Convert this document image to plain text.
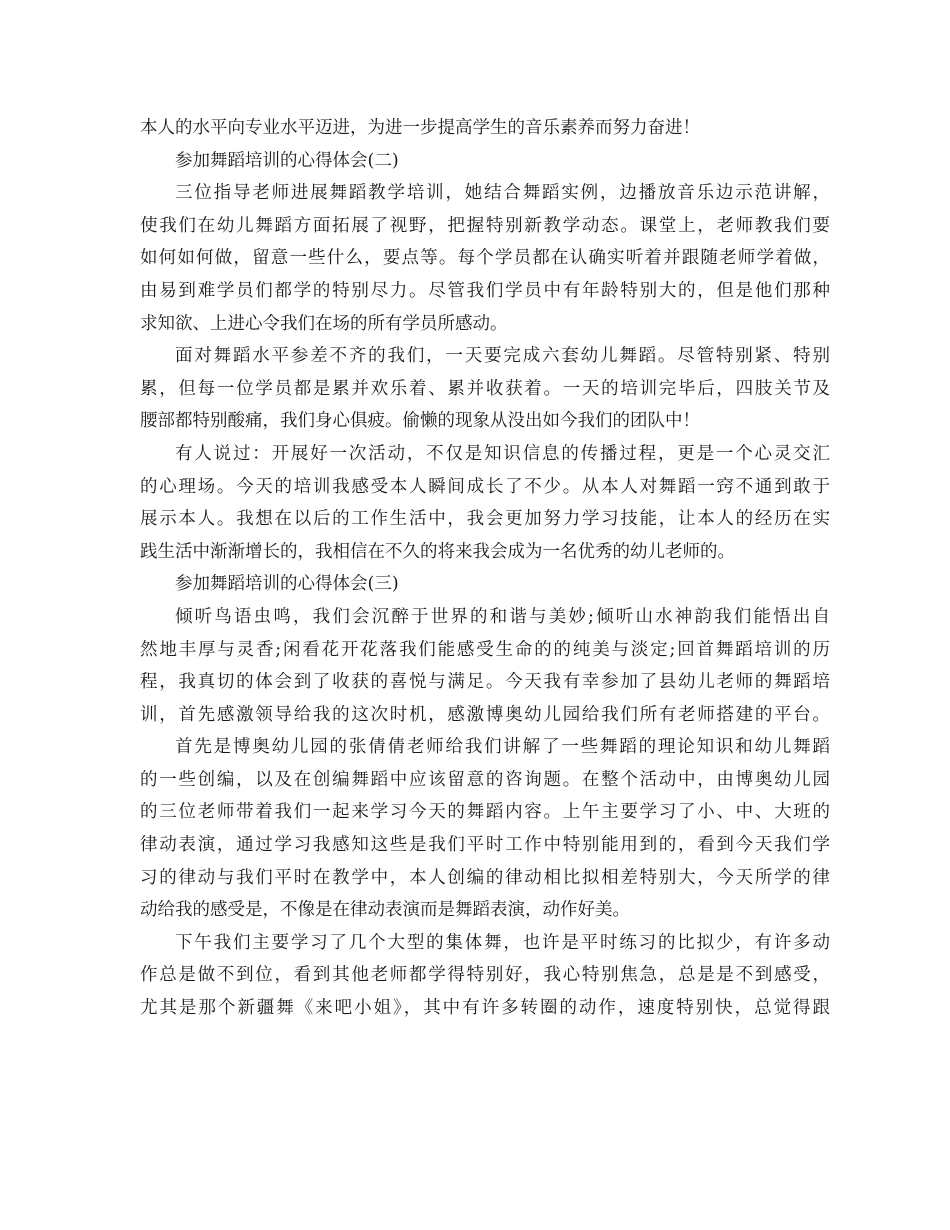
本人的水平向专业水平迈进，为进一步提高学生的音乐素养而努力奋进！
参加舞蹈培训的心得体会(二)
三位指导老师进展舞蹈教学培训，她结合舞蹈实例，边播放音乐边示范讲解，
使我们在幼儿舞蹈方面拓展了视野，把握特别新教学动态。课堂上，老师教我们要
如何如何做，留意一些什么，要点等。每个学员都在认确实听着并跟随老师学着做，
由易到难学员们都学的特别尽力。尽管我们学员中有年龄特别大的，但是他们那种
求知欲、上进心令我们在场的所有学员所感动。
面对舞蹈水平参差不齐的我们，一天要完成六套幼儿舞蹈。尽管特别紧、特别
累，但每一位学员都是累并欢乐着、累并收获着。一天的培训完毕后，四肢关节及
腰部都特别酸痛，我们身心俱疲。偷懒的现象从没出如今我们的团队中！
有人说过：开展好一次活动，不仅是知识信息的传播过程，更是一个心灵交汇
的心理场。今天的培训我感受本人瞬间成长了不少。从本人对舞蹈一窍不通到敢于
展示本人。我想在以后的工作生活中，我会更加努力学习技能，让本人的经历在实
践生活中渐渐增长的，我相信在不久的将来我会成为一名优秀的幼儿老师的。
参加舞蹈培训的心得体会(三)
倾听鸟语虫鸣，我们会沉醉于世界的和谐与美妙;倾听山水神韵我们能悟出自
然地丰厚与灵香;闲看花开花落我们能感受生命的的纯美与淡定;回首舞蹈培训的历
程，我真切的体会到了收获的喜悦与满足。今天我有幸参加了县幼儿老师的舞蹈培
训，首先感激领导给我的这次时机，感激博奥幼儿园给我们所有老师搭建的平台。
首先是博奥幼儿园的张倩倩老师给我们讲解了一些舞蹈的理论知识和幼儿舞蹈
的一些创编，以及在创编舞蹈中应该留意的咨询题。在整个活动中，由博奥幼儿园
的三位老师带着我们一起来学习今天的舞蹈内容。上午主要学习了小、中、大班的
律动表演，通过学习我感知这些是我们平时工作中特别能用到的，看到今天我们学
习的律动与我们平时在教学中，本人创编的律动相比拟相差特别大，今天所学的律
动给我的感受是，不像是在律动表演而是舞蹈表演，动作好美。
下午我们主要学习了几个大型的集体舞，也许是平时练习的比拟少，有许多动
作总是做不到位，看到其他老师都学得特别好，我心特别焦急，总是是不到感受，
尤其是那个新疆舞《来吧小姐》，其中有许多转圈的动作，速度特别快，总觉得跟
